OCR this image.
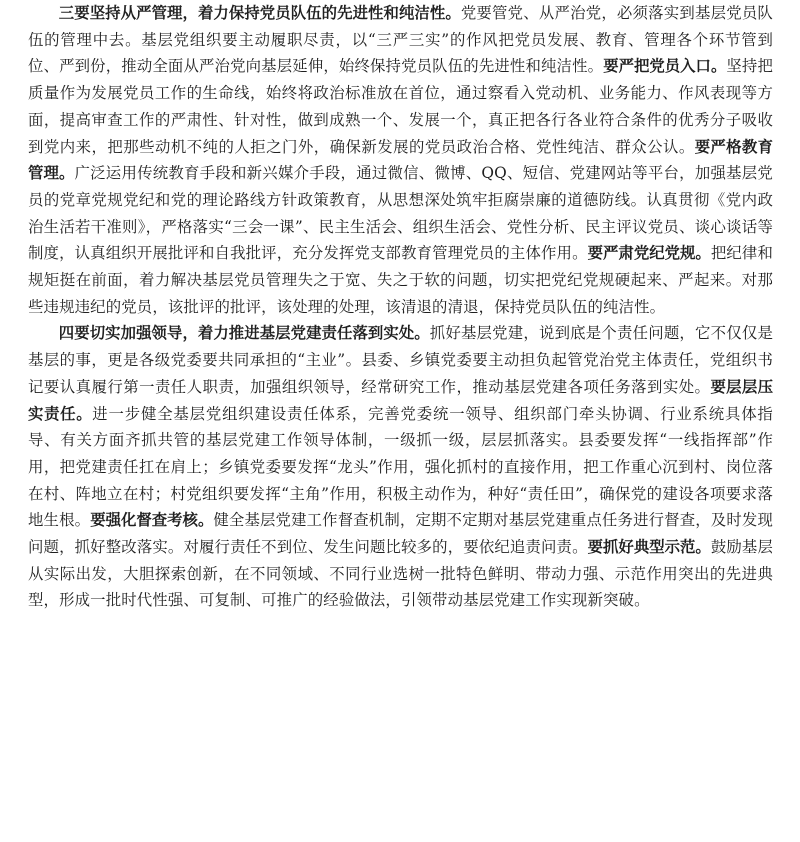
三要坚持从严管理，着力保持党员队伍的先进性和纯洁性。党要管党、从严治党，必须落实到基层党员队伍的管理中去。基层党组织要主动履职尽责，以“三严三实”的作风把党员发展、教育、管理各个环节管到位、严到份，推动全面从严治党向基层延伸，始终保持党员队伍的先进性和纯洁性。要严把党员入口。坚持把质量作为发展党员工作的生命线，始终将政治标准放在首位，通过察看入党动机、业务能力、作风表现等方面，提高审查工作的严肃性、针对性，做到成熟一个、发展一个，真正把各行各业符合条件的优秀分子吸收到党内来，把那些动机不纯的人拒之门外，确保新发展的党员政治合格、党性纯洁、群众公认。要严格教育管理。广泛运用传统教育手段和新兴媒介手段，通过微信、微博、QQ、短信、党建网站等平台，加强基层党员的党章党规党纪和党的理论路线方针政策教育，从思想深处筑牢拒腐崇廉的道德防线。认真贯彻《党内政治生活若干准则》，严格落实“三会一课”、民主生活会、组织生活会、党性分析、民主评议党员、谈心谈话等制度，认真组织开展批评和自我批评，充分发挥党支部教育管理党员的主体作用。要严肃党纪党规。把纪律和规矩挺在前面，着力解决基层党员管理失之于宽、失之于软的问题，切实把党纪党规硬起来、严起来。对那些违规违纪的党员，该批评的批评，该处理的处理，该清退的清退，保持党员队伍的纯洁性。

四要切实加强领导，着力推进基层党建责任落到实处。抓好基层党建，说到底是个责任问题，它不仅仅是基层的事，更是各级党委要共同承担的“主业”。县委、乡镇党委要主动担负起管党治党主体责任，党组织书记要认真履行第一责任人职责，加强组织领导，经常研究工作，推动基层党建各项任务落到实处。要层层压实责任。进一步健全基层党组织建设责任体系，完善党委统一领导、组织部门牵头协调、行业系统具体指导、有关方面齐抓共管的基层党建工作领导体制，一级抓一级，层层抓落实。县委要发挥“一线指挥部”作用，把党建责任扛在肩上；乡镇党委要发挥“龙头”作用，强化抓村的直接作用，把工作重心沉到村、岗位落在村、阵地立在村；村党组织要发挥“主角”作用，积极主动作为，种好“责任田”，确保党的建设各项要求落地生根。要强化督查考核。健全基层党建工作督查机制，定期不定期对基层党建重点任务进行督查，及时发现问题，抓好整改落实。对履行责任不到位、发生问题比较多的，要依纪追责问责。要抓好典型示范。鼓励基层从实际出发，大胆探索创新，在不同领域、不同行业选树一批特色鲜明、带动力强、示范作用突出的先进典型，形成一批时代性强、可复制、可推广的经验做法，引领带动基层党建工作实现新突破。
